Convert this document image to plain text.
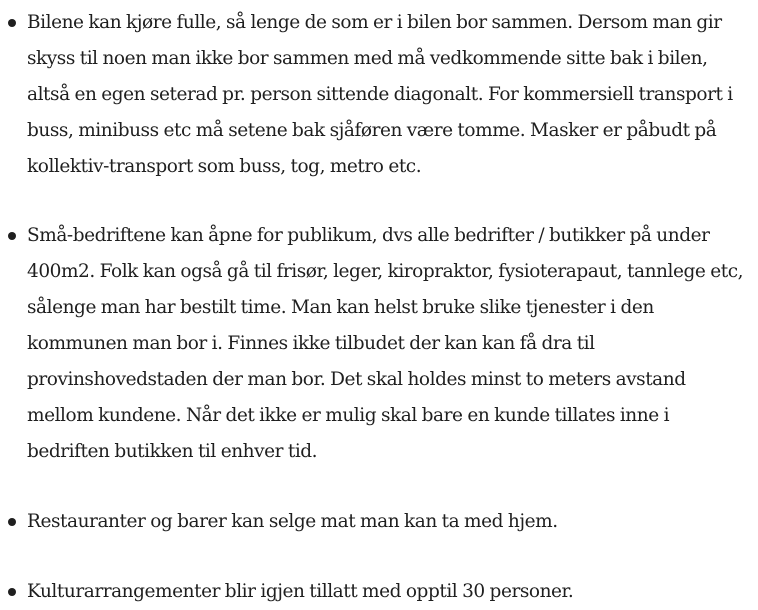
Bilene kan kjøre fulle, så lenge de som er i bilen bor sammen. Dersom man gir skyss til noen man ikke bor sammen med må vedkommende sitte bak i bilen, altså en egen seterad pr. person sittende diagonalt. For kommersiell transport i buss, minibuss etc må setene bak sjåføren være tomme. Masker er påbudt på kollektiv-transport som buss, tog, metro etc.
Små-bedriftene kan åpne for publikum, dvs alle bedrifter / butikker på under 400m2. Folk kan også gå til frisør, leger, kiropraktor, fysioterapaut, tannlege etc, sålenge man har bestilt time. Man kan helst bruke slike tjenester i den kommunen man bor i. Finnes ikke tilbudet der kan kan få dra til provinshovedstaden der man bor. Det skal holdes minst to meters avstand mellom kundene. Når det ikke er mulig skal bare en kunde tillates inne i bedriften butikken til enhver tid.
Restauranter og barer kan selge mat man kan ta med hjem.
Kulturarrangementer blir igjen tillatt med opptil 30 personer.
